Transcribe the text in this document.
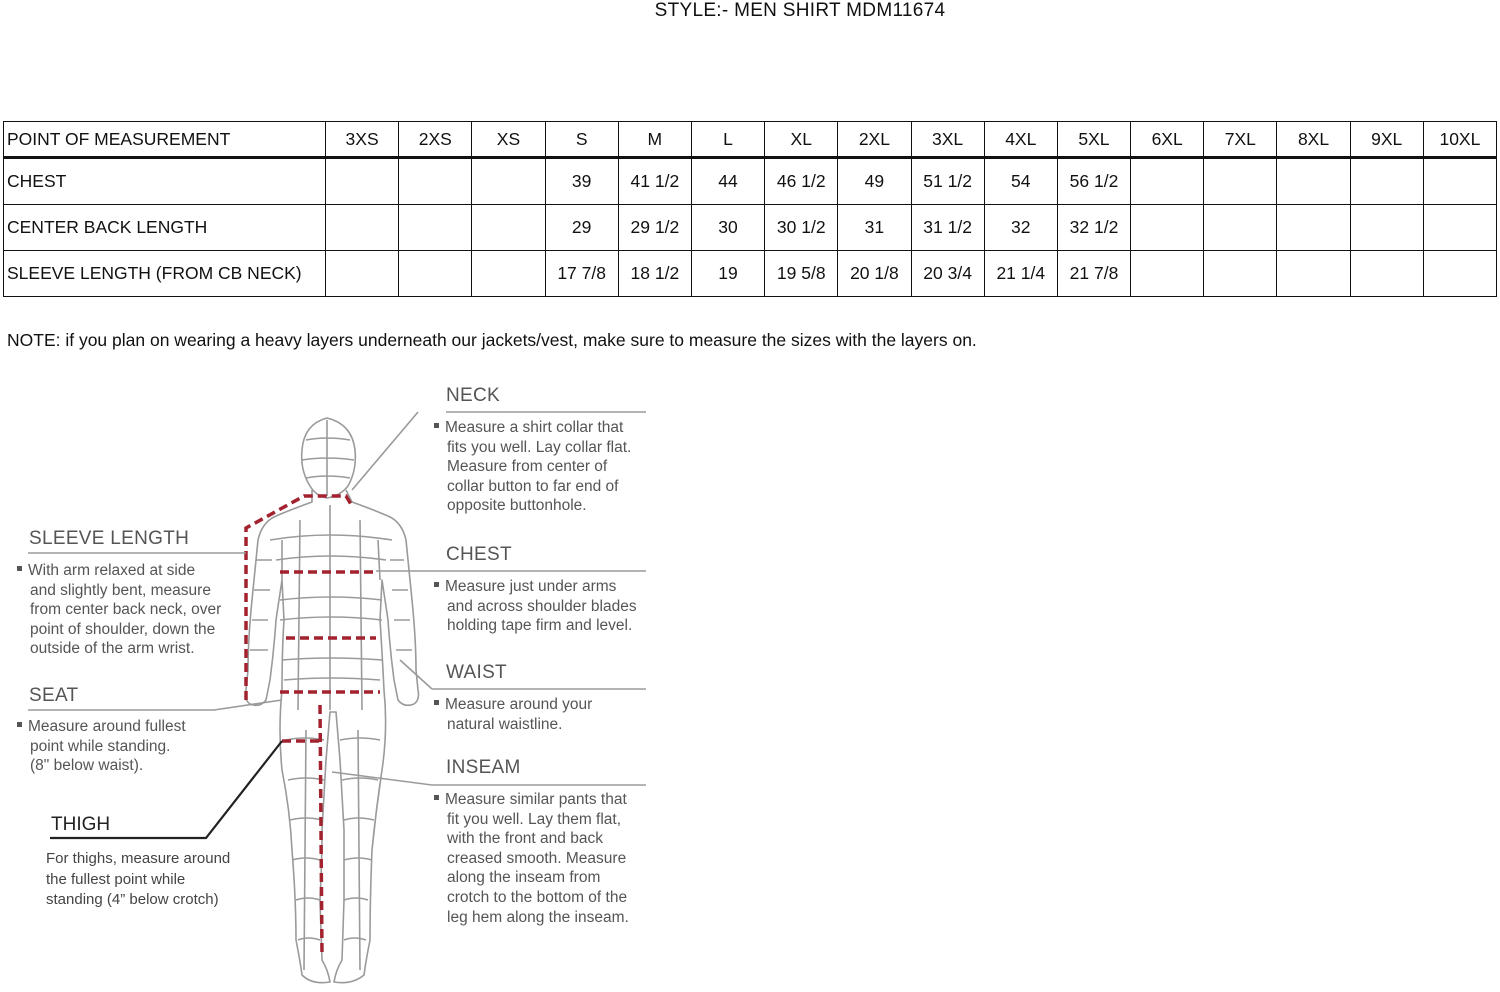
STYLE:- MEN SHIRT MDM11674
POINT OF MEASUREMENT	3XS	2XS	XS	S	M	L	XL	2XL	3XL	4XL	5XL	6XL	7XL	8XL	9XL	10XL
CHEST				39	41 1/2	44	46 1/2	49	51 1/2	54	56 1/2					
CENTER BACK LENGTH				29	29 1/2	30	30 1/2	31	31 1/2	32	32 1/2					
SLEEVE LENGTH (FROM CB NECK)				17 7/8	18 1/2	19	19 5/8	20 1/8	20 3/4	21 1/4	21 7/8					
NOTE: if you plan on wearing a heavy layers underneath our jackets/vest, make sure to measure the sizes with the layers on.
NECK
Measure a shirt collar that
fits you well. Lay collar flat.
Measure from center of
collar button to far end of
opposite buttonhole.
CHEST
Measure just under arms
and across shoulder blades
holding tape firm and level.
WAIST
Measure around your
natural waistline.
INSEAM
Measure similar pants that
fit you well. Lay them flat,
with the front and back
creased smooth. Measure
along the inseam from
crotch to the bottom of the
leg hem along the inseam.
SLEEVE LENGTH
With arm relaxed at side
and slightly bent, measure
from center back neck, over
point of shoulder, down the
outside of the arm wrist.
SEAT
Measure around fullest
point while standing.
(8" below waist).
THIGH
For thighs, measure around
the fullest point while
standing (4” below crotch)
